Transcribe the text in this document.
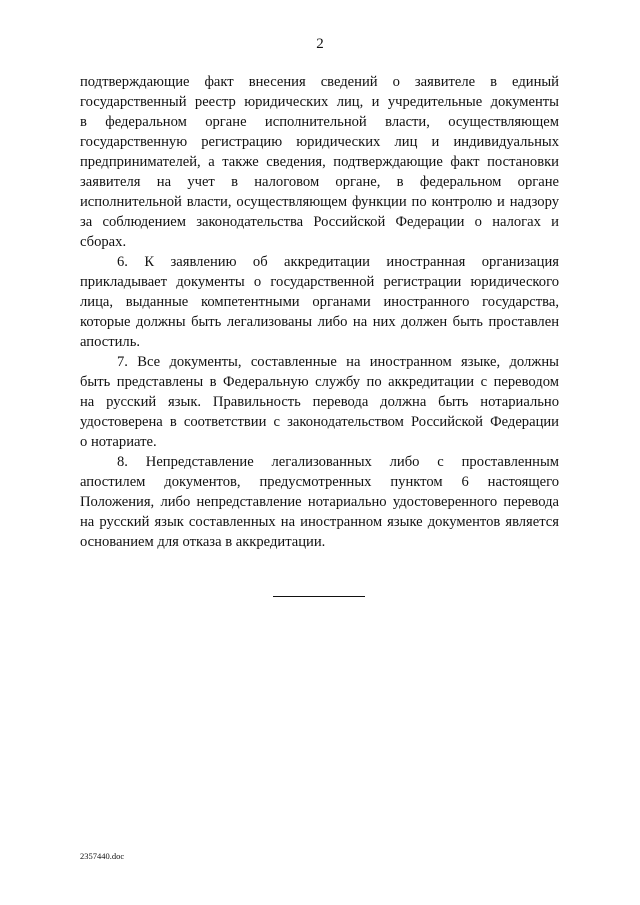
2
подтверждающие факт внесения сведений о заявителе в единый
государственный реестр юридических лиц, и учредительные документы
в федеральном органе исполнительной власти, осуществляющем
государственную регистрацию юридических лиц и индивидуальных
предпринимателей, а также сведения, подтверждающие факт постановки
заявителя на учет в налоговом органе, в федеральном органе
исполнительной власти, осуществляющем функции по контролю и надзору
за соблюдением законодательства Российской Федерации о налогах и
сборах.
6. К заявлению об аккредитации иностранная организация
прикладывает документы о государственной регистрации юридического
лица, выданные компетентными органами иностранного государства,
которые должны быть легализованы либо на них должен быть проставлен
апостиль.
7. Все документы, составленные на иностранном языке, должны
быть представлены в Федеральную службу по аккредитации с переводом
на русский язык. Правильность перевода должна быть нотариально
удостоверена в соответствии с законодательством Российской Федерации
о нотариате.
8. Непредставление легализованных либо с проставленным
апостилем документов, предусмотренных пунктом 6 настоящего
Положения, либо непредставление нотариально удостоверенного перевода
на русский язык составленных на иностранном языке документов является
основанием для отказа в аккредитации.
2357440.doc
